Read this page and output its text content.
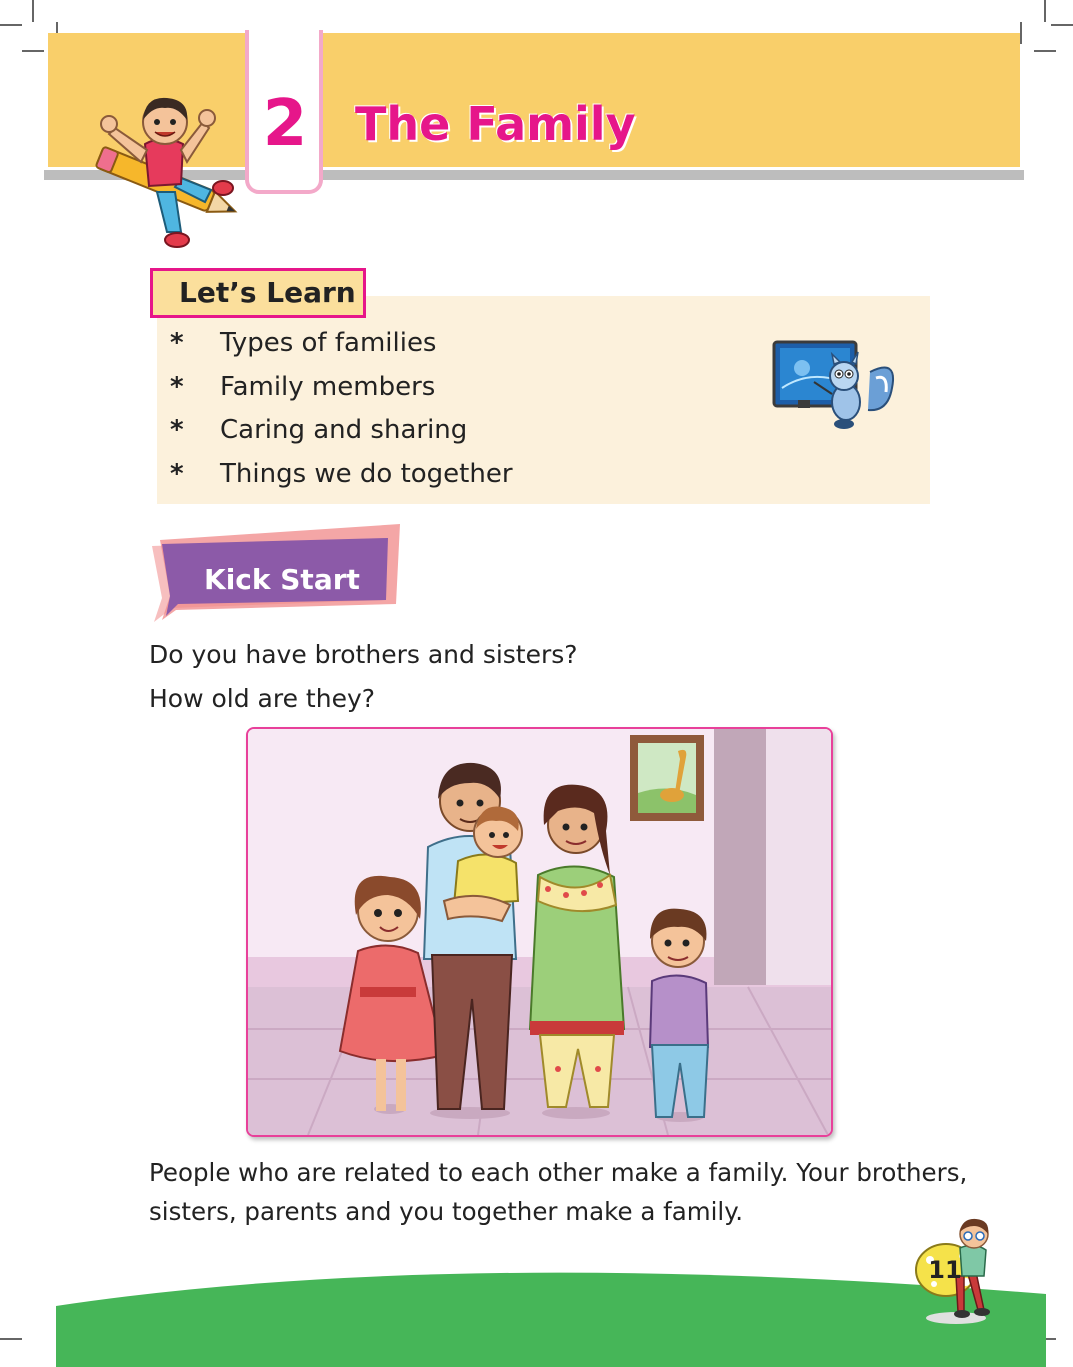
2	The Family
Let’s Learn
*	Types of families
*	Family members
*	Caring and sharing
*	Things we do together
Kick Start
Do you have brothers and sisters?
How old are they?
People who are related to each other make a family. Your brothers,
sisters, parents and you together make a family.
11
